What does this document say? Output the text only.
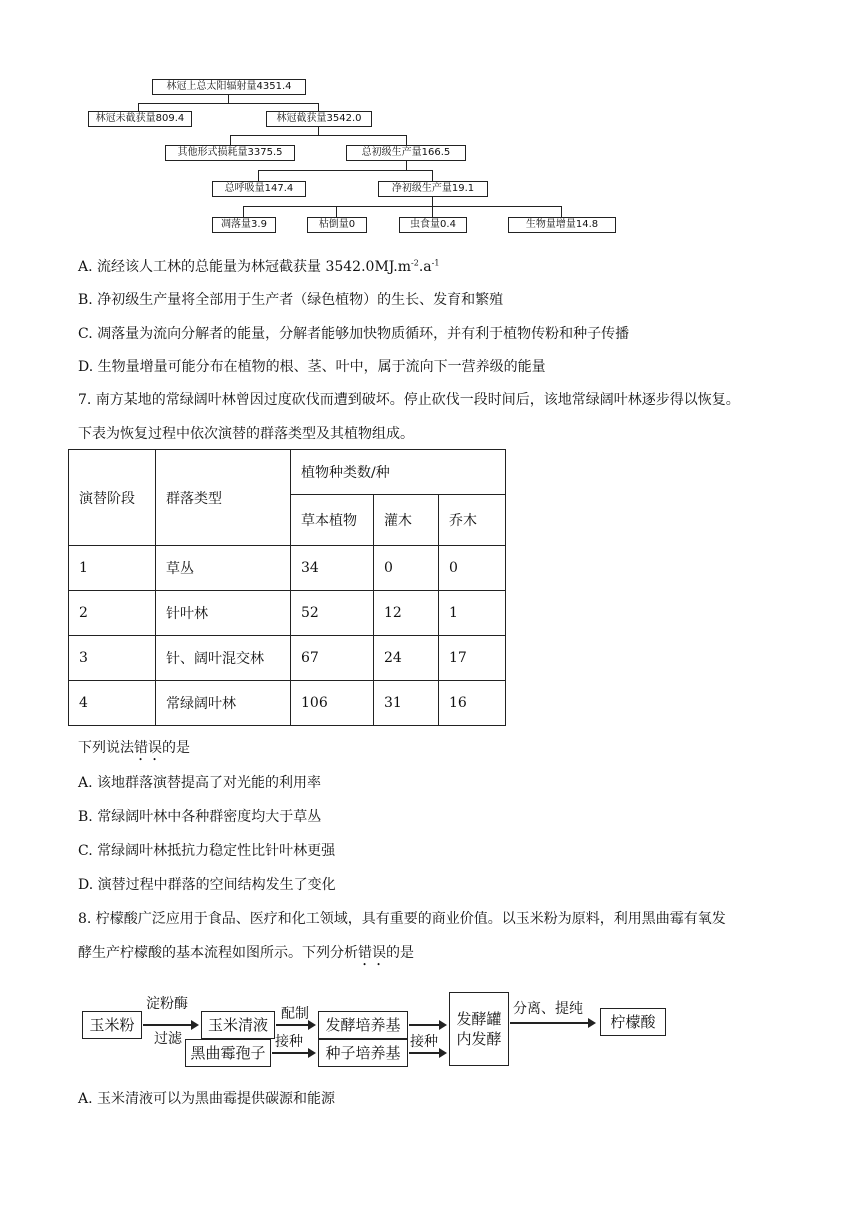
林冠上总太阳辐射量4351.4
林冠未截获量809.4	林冠截获量3542.0
其他形式损耗量3375.5	总初级生产量166.5
总呼吸量147.4	净初级生产量19.1
凋落量3.9	枯倒量0	虫食量0.4	生物量增量14.8
A. 流经该人工林的总能量为林冠截获量 $3542.0MJ.m^{-2}.a^{-1}$
B. 净初级生产量将全部用于生产者（绿色植物）的生长、发育和繁殖
C. 凋落量为流向分解者的能量，分解者能够加快物质循环，并有利于植物传粉和种子传播
D. 生物量增量可能分布在植物的根、茎、叶中，属于流向下一营养级的能量
7. 南方某地的常绿阔叶林曾因过度砍伐而遭到破坏。停止砍伐一段时间后，该地常绿阔叶林逐步得以恢复。
下表为恢复过程中依次演替的群落类型及其植物组成。
演替阶段	群落类型	植物种类数/种		
		草本植物	灌木	乔木
1	草丛	34	0	0
2	针叶林	52	12	1
3	针、阔叶混交林	67	24	17
4	常绿阔叶林	106	31	16
下列说法错误的是
A. 该地群落演替提高了对光能的利用率
B. 常绿阔叶林中各种群密度均大于草丛
C. 常绿阔叶林抵抗力稳定性比针叶林更强
D. 演替过程中群落的空间结构发生了变化
8. 柠檬酸广泛应用于食品、医疗和化工领域，具有重要的商业价值。以玉米粉为原料，利用黑曲霉有氧发
酵生产柠檬酸的基本流程如图所示。下列分析错误的是
玉米粉
淀粉酶
过滤
玉米清液
配制
发酵培养基	发酵罐
内发酵
分离、提纯
柠檬酸
黑曲霉孢子
接种
种子培养基
接种
A. 玉米清液可以为黑曲霉提供碳源和能源
